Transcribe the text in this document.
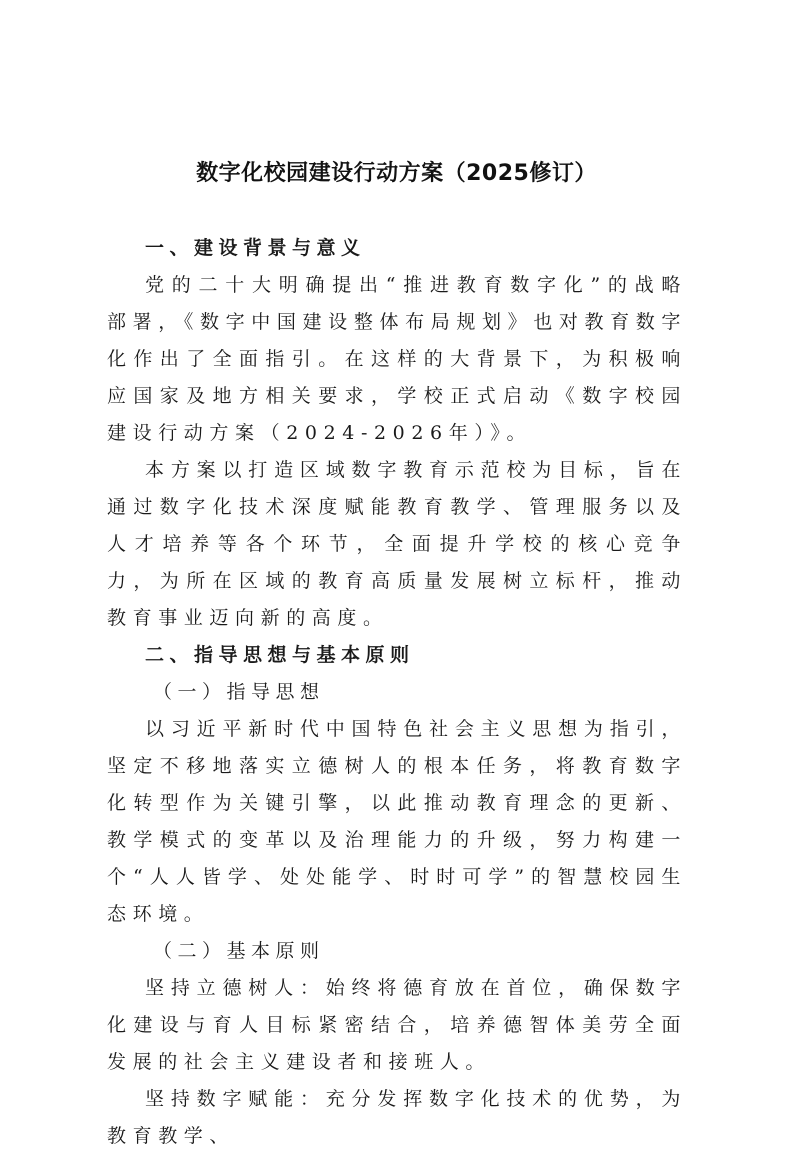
数字化校园建设行动方案（2025修订）

一、建设背景与意义

党的二十大明确提出“推进教育数字化”的战略部署，《数字中国建设整体布局规划》也对教育数字化作出了全面指引。在这样的大背景下，为积极响应国家及地方相关要求，学校正式启动《数字校园建设行动方案（2024-2026年）》。

本方案以打造区域数字教育示范校为目标，旨在通过数字化技术深度赋能教育教学、管理服务以及人才培养等各个环节，全面提升学校的核心竞争力，为所在区域的教育高质量发展树立标杆，推动教育事业迈向新的高度。

二、指导思想与基本原则

（一）指导思想

以习近平新时代中国特色社会主义思想为指引，坚定不移地落实立德树人的根本任务，将教育数字化转型作为关键引擎，以此推动教育理念的更新、教学模式的变革以及治理能力的升级，努力构建一个“人人皆学、处处能学、时时可学”的智慧校园生态环境。

（二）基本原则

坚持立德树人：始终将德育放在首位，确保数字化建设与育人目标紧密结合，培养德智体美劳全面发展的社会主义建设者和接班人。

坚持数字赋能：充分发挥数字化技术的优势，为教育教学、
